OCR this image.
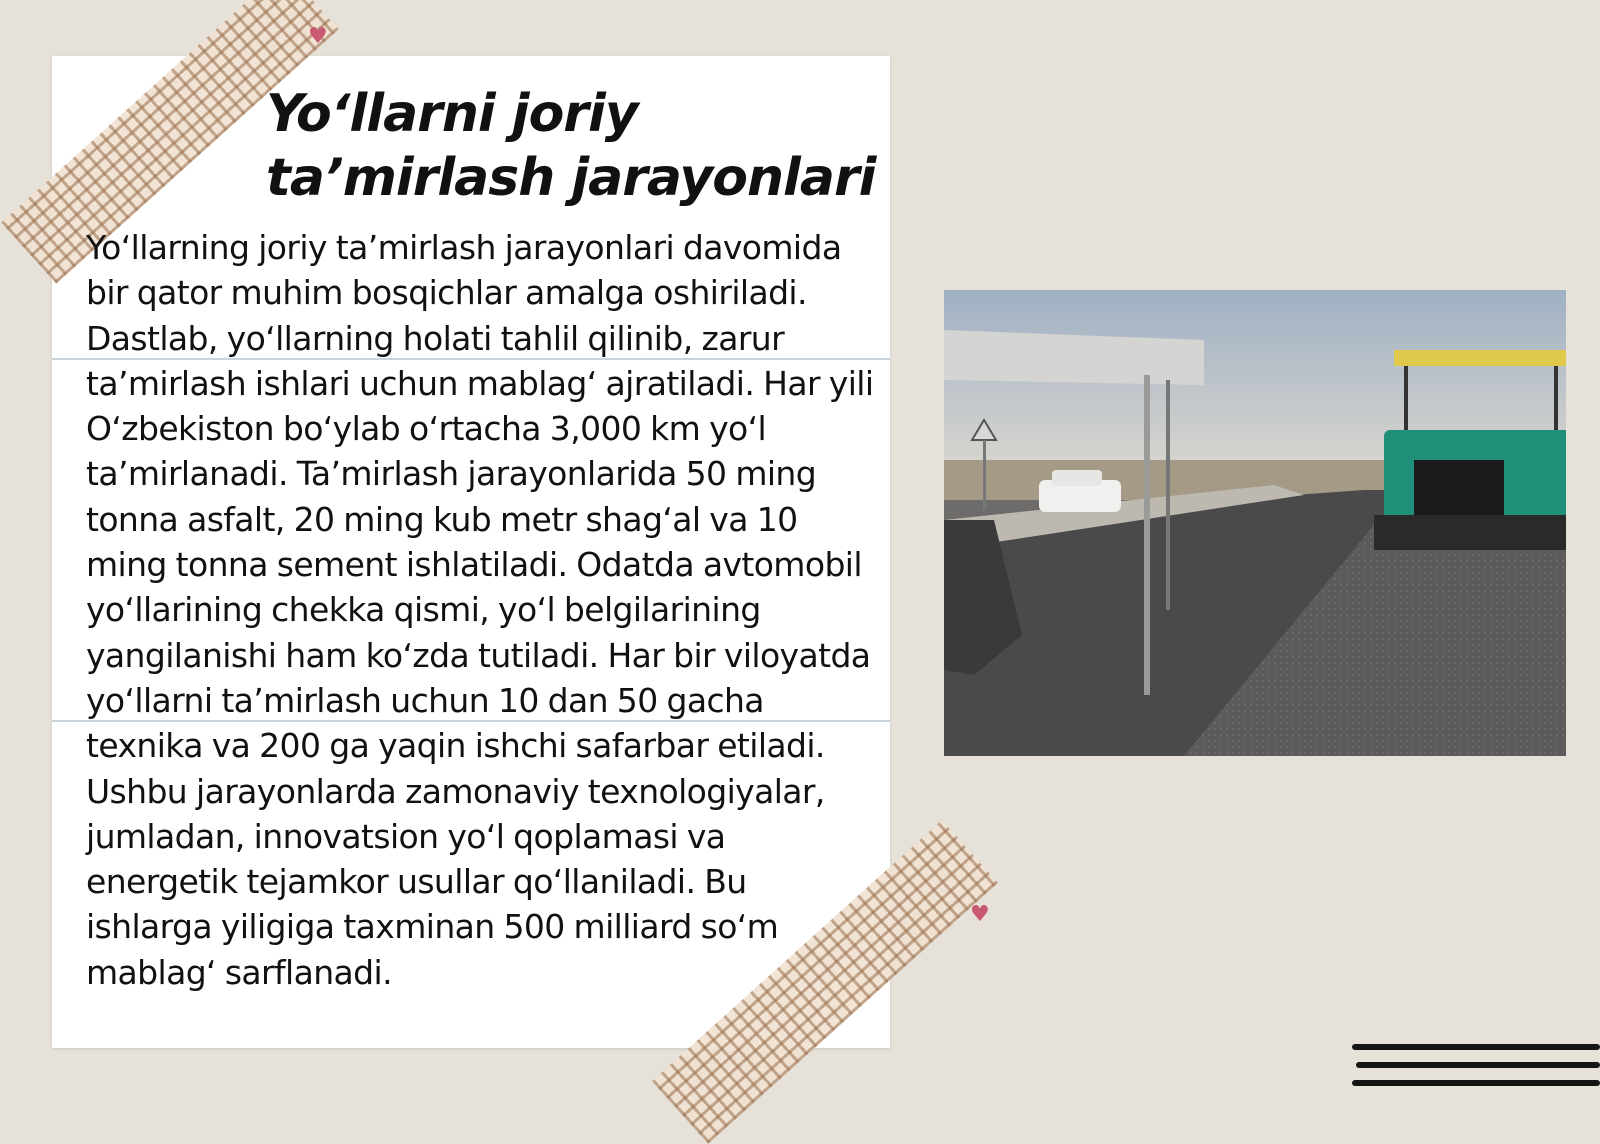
♥
Yo‘llarni joriy ta’mirlash jarayonlari

Yo‘llarning joriy ta’mirlash jarayonlari davomida bir qator muhim bosqichlar amalga oshiriladi. Dastlab, yo‘llarning holati tahlil qilinib, zarur ta’mirlash ishlari uchun mablag‘ ajratiladi. Har yili O‘zbekiston bo‘ylab o‘rtacha 3,000 km yo‘l ta’mirlanadi. Ta’mirlash jarayonlarida 50 ming tonna asfalt, 20 ming kub metr shag‘al va 10 ming tonna sement ishlatiladi. Odatda avtomobil yo‘llarining chekka qismi, yo‘l belgilarining yangilanishi ham ko‘zda tutiladi. Har bir viloyatda yo‘llarni ta’mirlash uchun 10 dan 50 gacha texnika va 200 ga yaqin ishchi safarbar etiladi. Ushbu jarayonlarda zamonaviy texnologiyalar, jumladan, innovatsion yo‘l qoplamasi va energetik tejamkor usullar qo‘llaniladi. Bu ishlarga yiligiga taxminan 500 milliard so‘m mablag‘ sarflanadi.

♥
